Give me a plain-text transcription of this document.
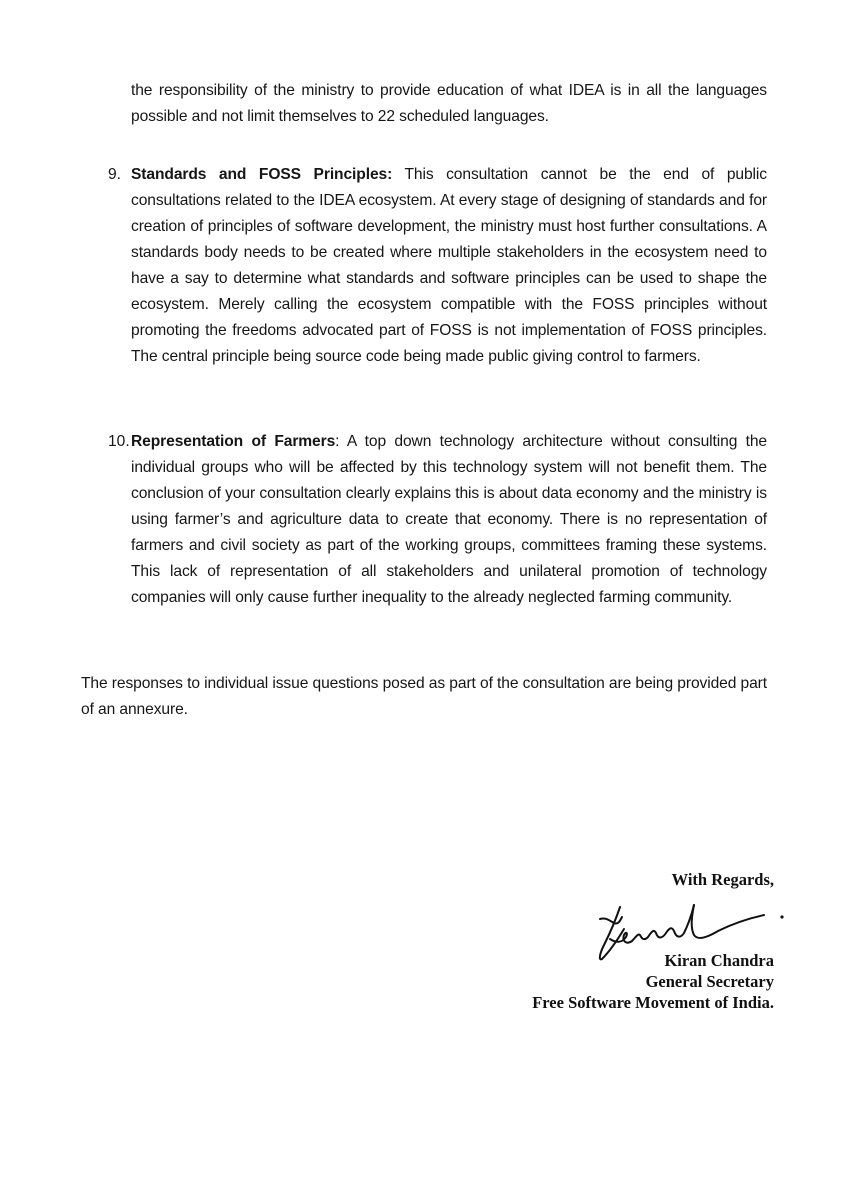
the responsibility of the ministry to provide education of what IDEA is in all the languages possible and not limit themselves to 22 scheduled languages.

9. Standards and FOSS Principles: This consultation cannot be the end of public consultations related to the IDEA ecosystem. At every stage of designing of standards and for creation of principles of software development, the ministry must host further consultations. A standards body needs to be created where multiple stakeholders in the ecosystem need to have a say to determine what standards and software principles can be used to shape the ecosystem. Merely calling the ecosystem compatible with the FOSS principles without promoting the freedoms advocated part of FOSS is not implementation of FOSS principles. The central principle being source code being made public giving control to farmers.

10. Representation of Farmers: A top down technology architecture without consulting the individual groups who will be affected by this technology system will not benefit them. The conclusion of your consultation clearly explains this is about data economy and the ministry is using farmer’s and agriculture data to create that economy. There is no representation of farmers and civil society as part of the working groups, committees framing these systems. This lack of representation of all stakeholders and unilateral promotion of technology companies will only cause further inequality to the already neglected farming community.

The responses to individual issue questions posed as part of the consultation are being provided part of an annexure.

With Regards,
Kiran Chandra
General Secretary
Free Software Movement of India.
